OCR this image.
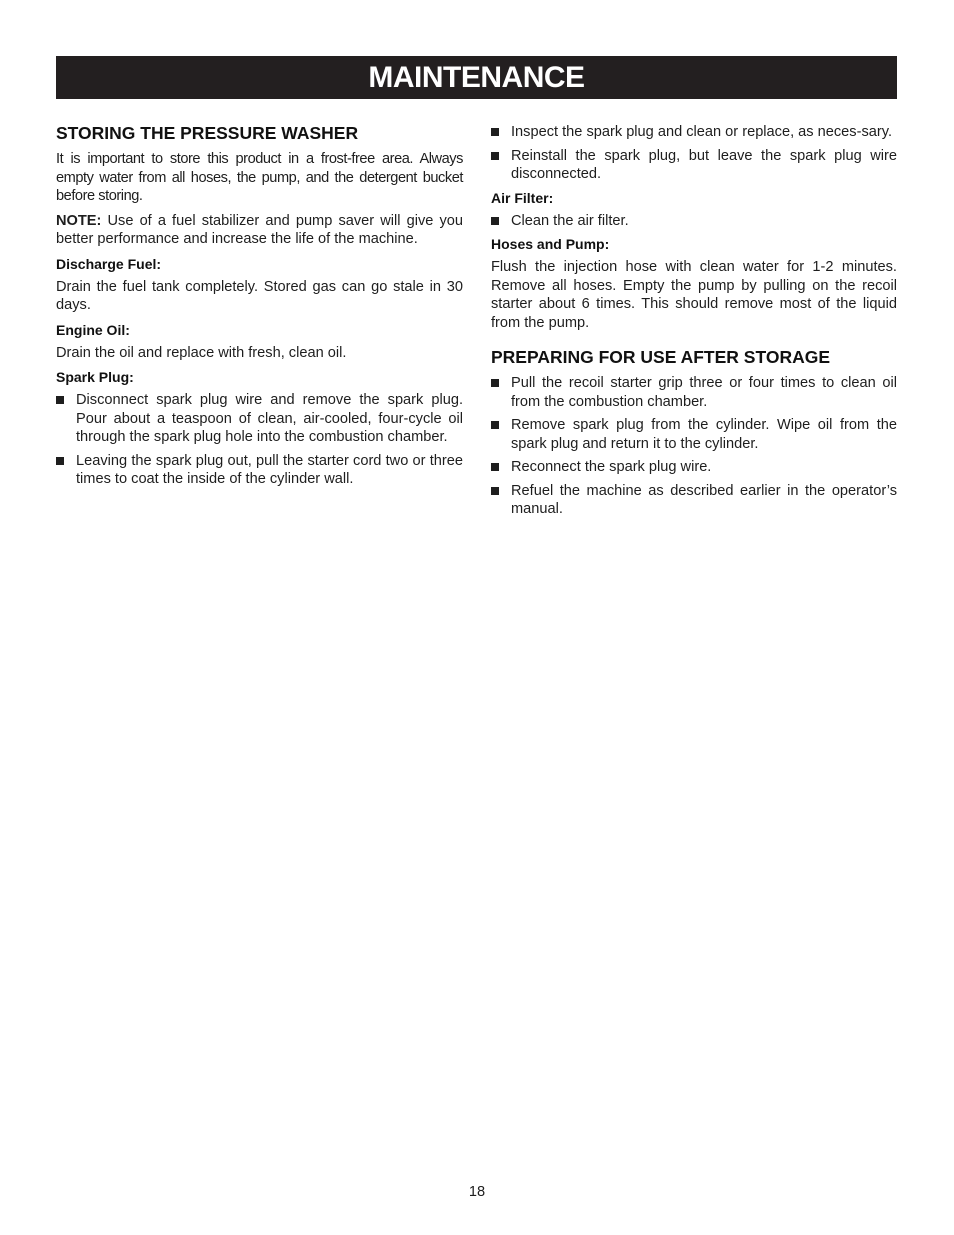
MAINTENANCE
STORING THE PRESSURE WASHER
It is important to store this product in a frost-free area. Always empty water from all hoses, the pump, and the detergent bucket before storing.
NOTE: Use of a fuel stabilizer and pump saver will give you better performance and increase the life of the machine.
Discharge Fuel:
Drain the fuel tank completely. Stored gas can go stale in 30 days.
Engine Oil:
Drain the oil and replace with fresh, clean oil.
Spark Plug:
Disconnect spark plug wire and remove the spark plug. Pour about a teaspoon of clean, air-cooled, four-cycle oil through the spark plug hole into the combustion chamber.
Leaving the spark plug out, pull the starter cord two or three times to coat the inside of the cylinder wall.
Inspect the spark plug and clean or replace, as neces-sary.
Reinstall the spark plug, but leave the spark plug wire disconnected.
Air Filter:
Clean the air filter.
Hoses and Pump:
Flush the injection hose with clean water for 1-2 minutes. Remove all hoses. Empty the pump by pulling on the recoil starter about 6 times. This should remove most of the liquid from the pump.
PREPARING FOR USE AFTER STORAGE
Pull the recoil starter grip three or four times to clean oil from the combustion chamber.
Remove spark plug from the cylinder. Wipe oil from the spark plug and return it to the cylinder.
Reconnect the spark plug wire.
Refuel the machine as described earlier in the operator’s manual.
18
